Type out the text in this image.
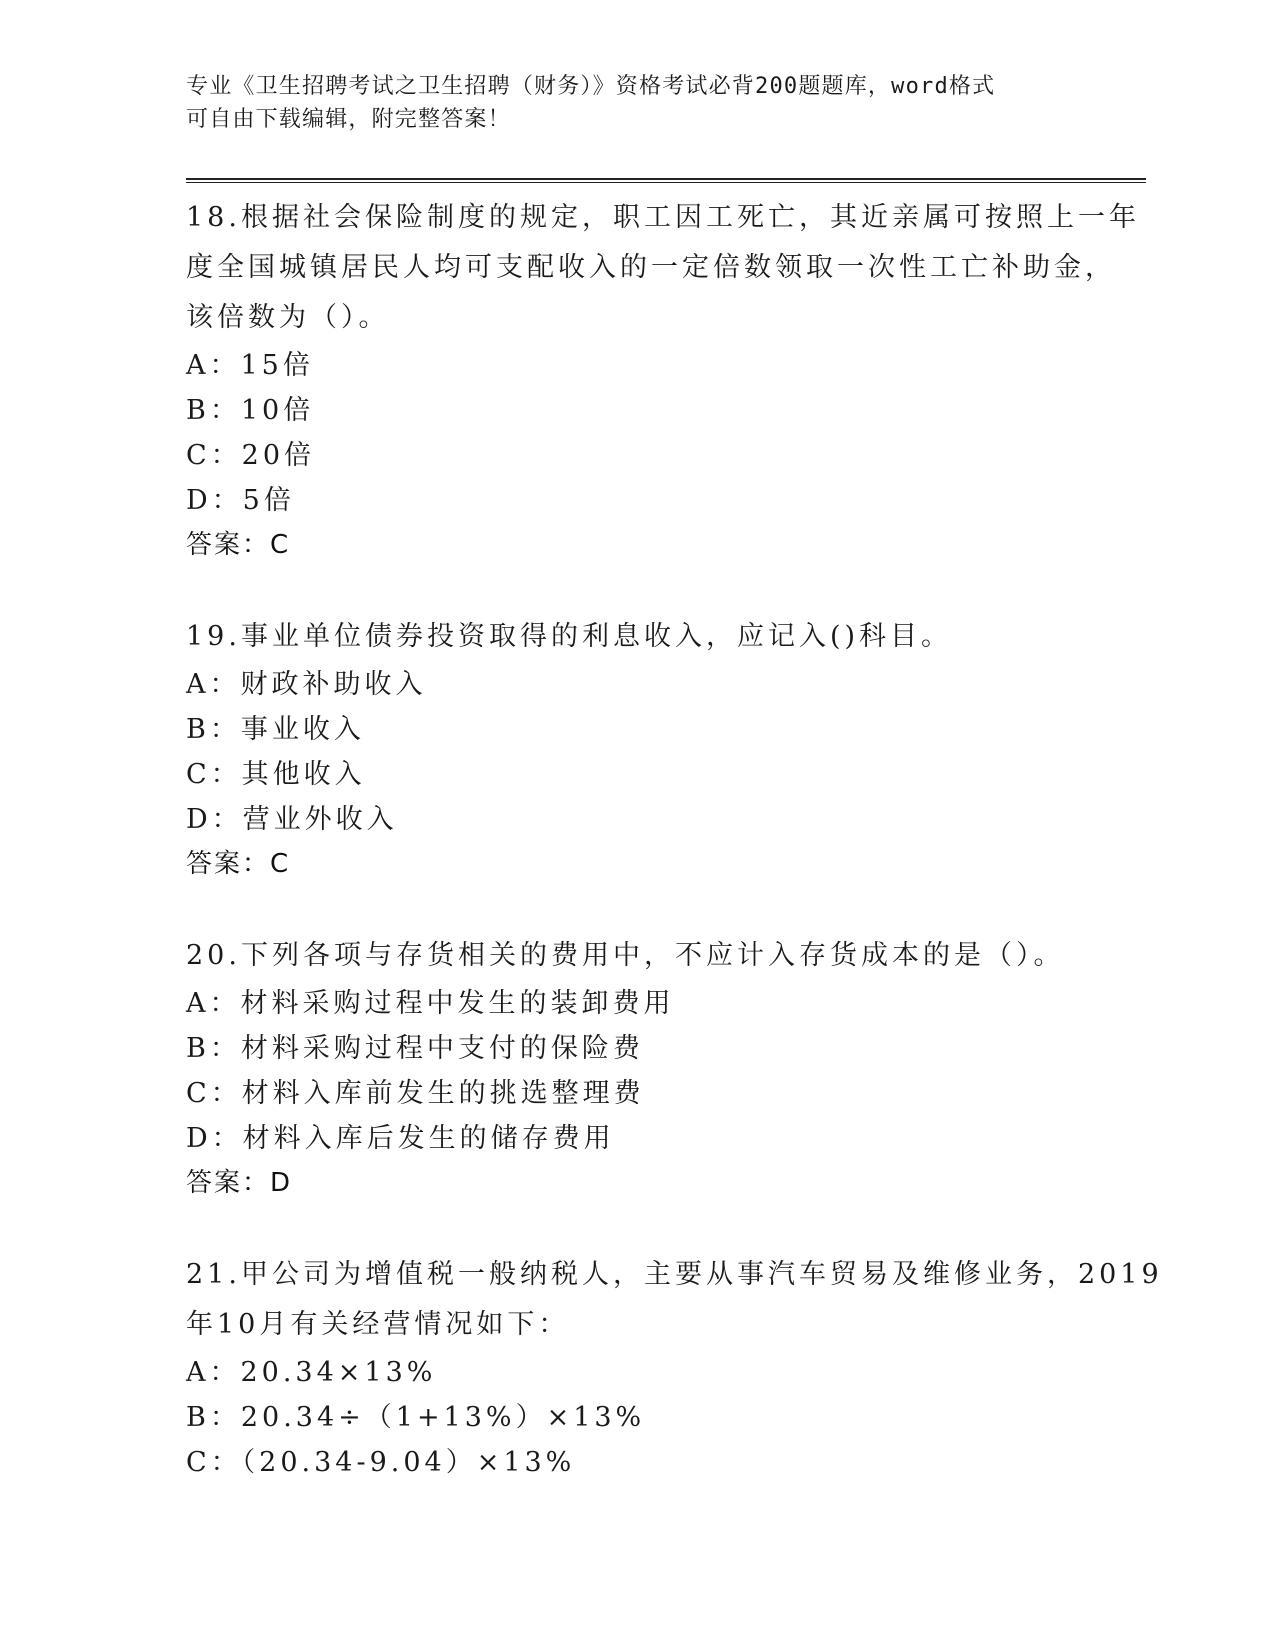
专业《卫生招聘考试之卫生招聘（财务）》资格考试必背200题题库，word格式
可自由下载编辑，附完整答案！
18.根据社会保险制度的规定，职工因工死亡，其近亲属可按照上一年
度全国城镇居民人均可支配收入的一定倍数领取一次性工亡补助金，
该倍数为（）。
A：15倍
B：10倍
C：20倍
D：5倍
答案：C
19.事业单位债券投资取得的利息收入，应记入()科目。
A：财政补助收入
B：事业收入
C：其他收入
D：营业外收入
答案：C
20.下列各项与存货相关的费用中，不应计入存货成本的是（）。
A：材料采购过程中发生的装卸费用
B：材料采购过程中支付的保险费
C：材料入库前发生的挑选整理费
D：材料入库后发生的储存费用
答案：D
21.甲公司为增值税一般纳税人，主要从事汽车贸易及维修业务，2019
年10月有关经营情况如下：
A：20.34×13%
B：20.34÷（1+13%）×13%
C：（20.34-9.04）×13%
